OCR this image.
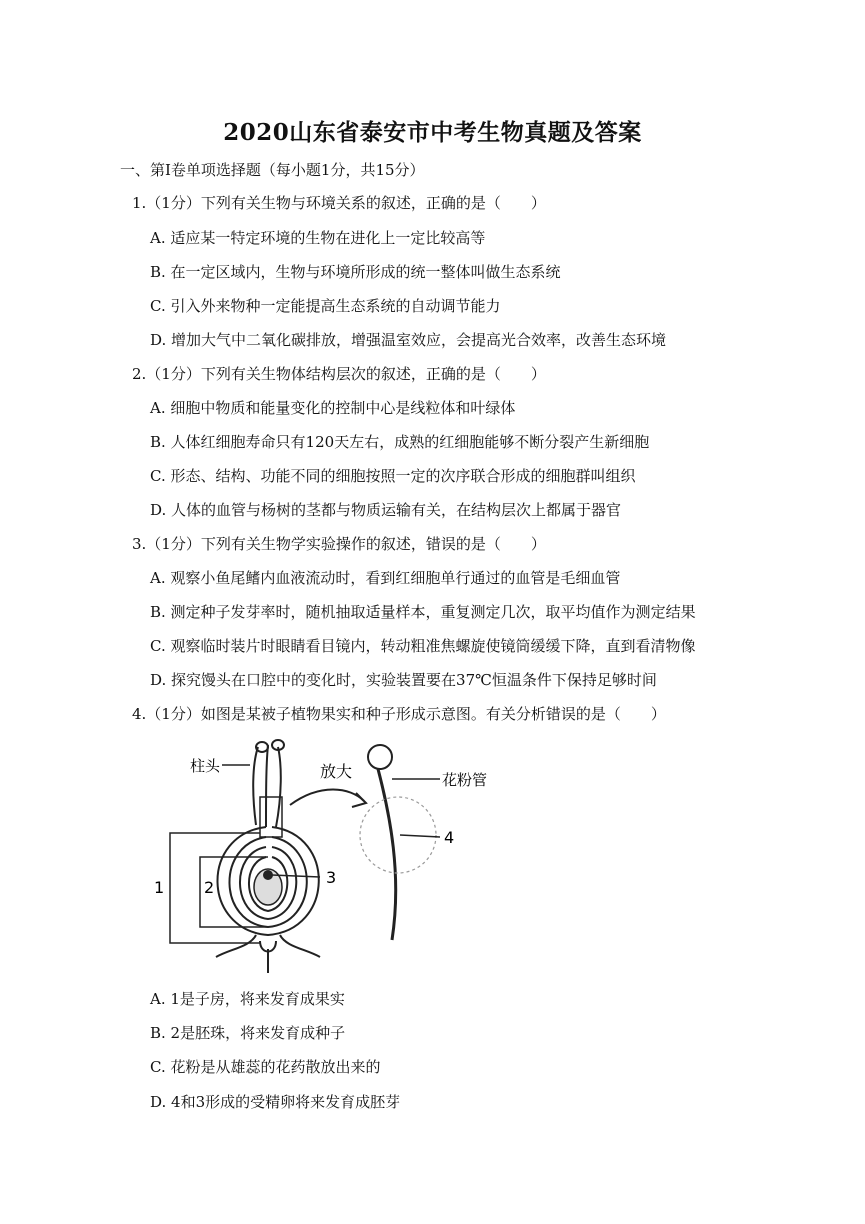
2020山东省泰安市中考生物真题及答案
一、第Ⅰ卷单项选择题（每小题1分，共15分）
1.（1分）下列有关生物与环境关系的叙述，正确的是（　　）
A. 适应某一特定环境的生物在进化上一定比较高等
B. 在一定区域内，生物与环境所形成的统一整体叫做生态系统
C. 引入外来物种一定能提高生态系统的自动调节能力
D. 增加大气中二氧化碳排放，增强温室效应，会提高光合效率，改善生态环境
2.（1分）下列有关生物体结构层次的叙述，正确的是（　　）
A. 细胞中物质和能量变化的控制中心是线粒体和叶绿体
B. 人体红细胞寿命只有120天左右，成熟的红细胞能够不断分裂产生新细胞
C. 形态、结构、功能不同的细胞按照一定的次序联合形成的细胞群叫组织
D. 人体的血管与杨树的茎都与物质运输有关，在结构层次上都属于器官
3.（1分）下列有关生物学实验操作的叙述，错误的是（　　）
A. 观察小鱼尾鳍内血液流动时，看到红细胞单行通过的血管是毛细血管
B. 测定种子发芽率时，随机抽取适量样本，重复测定几次，取平均值作为测定结果
C. 观察临时装片时眼睛看目镜内，转动粗准焦螺旋使镜筒缓缓下降，直到看清物像
D. 探究馒头在口腔中的变化时，实验装置要在37℃恒温条件下保持足够时间
4.（1分）如图是某被子植物果实和种子形成示意图。有关分析错误的是（　　）
柱头	放大	花粉管
1 2
3
4
A. 1是子房，将来发育成果实
B. 2是胚珠，将来发育成种子
C. 花粉是从雄蕊的花药散放出来的
D. 4和3形成的受精卵将来发育成胚芽
